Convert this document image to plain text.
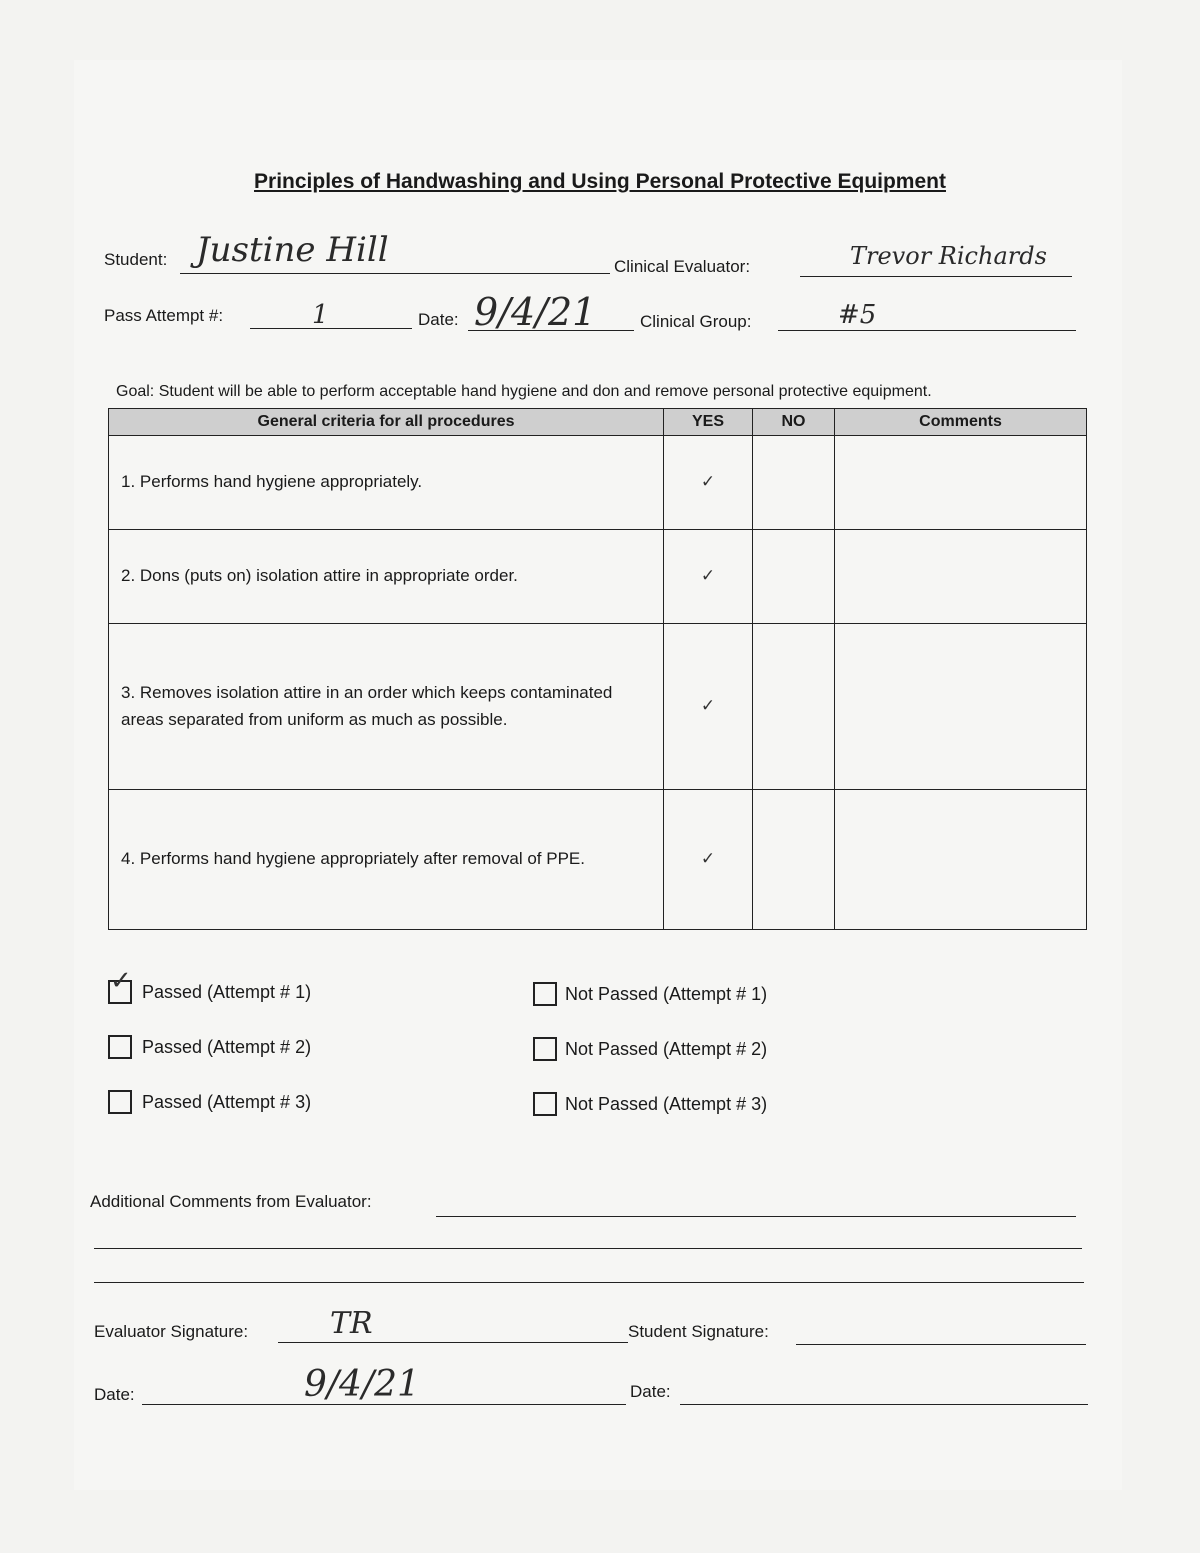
Principles of Handwashing and Using Personal Protective Equipment
Student: Justine Hill	Clinical Evaluator:	Trevor Richards
Pass Attempt #:	1	Date: 9/4/21	Clinical Group:	#5
Goal: Student will be able to perform acceptable hand hygiene and don and remove personal protective equipment.
General criteria for all procedures	YES	NO	Comments
1. Performs hand hygiene appropriately.	✓		
2. Dons (puts on) isolation attire in appropriate order.	✓		
3. Removes isolation attire in an order which keeps contaminated areas separated from uniform as much as possible.	✓		
4. Performs hand hygiene appropriately after removal of PPE.	✓		
✓ Passed (Attempt # 1)
Passed (Attempt # 2)
Passed (Attempt # 3)
Not Passed (Attempt # 1)
Not Passed (Attempt # 2)
Not Passed (Attempt # 3)
Additional Comments from Evaluator:
Evaluator Signature:	TR	Student Signature:
Date:	9/4/21	Date:
